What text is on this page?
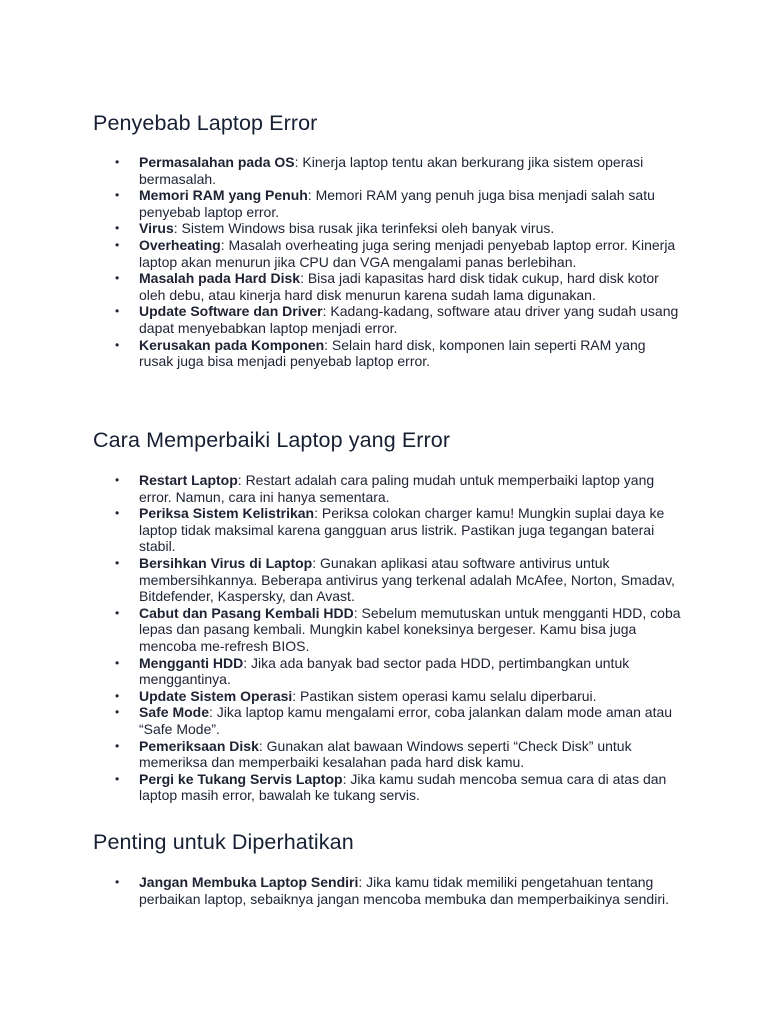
Penyebab Laptop Error
•	Permasalahan pada OS: Kinerja laptop tentu akan berkurang jika sistem operasi bermasalah.
•	Memori RAM yang Penuh: Memori RAM yang penuh juga bisa menjadi salah satu penyebab laptop error.
•	Virus: Sistem Windows bisa rusak jika terinfeksi oleh banyak virus.
•	Overheating: Masalah overheating juga sering menjadi penyebab laptop error. Kinerja laptop akan menurun jika CPU dan VGA mengalami panas berlebihan.
•	Masalah pada Hard Disk: Bisa jadi kapasitas hard disk tidak cukup, hard disk kotor oleh debu, atau kinerja hard disk menurun karena sudah lama digunakan.
•	Update Software dan Driver: Kadang-kadang, software atau driver yang sudah usang dapat menyebabkan laptop menjadi error.
•	Kerusakan pada Komponen: Selain hard disk, komponen lain seperti RAM yang rusak juga bisa menjadi penyebab laptop error.
Cara Memperbaiki Laptop yang Error
•	Restart Laptop: Restart adalah cara paling mudah untuk memperbaiki laptop yang error. Namun, cara ini hanya sementara.
•	Periksa Sistem Kelistrikan: Periksa colokan charger kamu! Mungkin suplai daya ke laptop tidak maksimal karena gangguan arus listrik. Pastikan juga tegangan baterai stabil.
•	Bersihkan Virus di Laptop: Gunakan aplikasi atau software antivirus untuk membersihkannya. Beberapa antivirus yang terkenal adalah McAfee, Norton, Smadav, Bitdefender, Kaspersky, dan Avast.
•	Cabut dan Pasang Kembali HDD: Sebelum memutuskan untuk mengganti HDD, coba lepas dan pasang kembali. Mungkin kabel koneksinya bergeser. Kamu bisa juga mencoba me-refresh BIOS.
•	Mengganti HDD: Jika ada banyak bad sector pada HDD, pertimbangkan untuk menggantinya.
•	Update Sistem Operasi: Pastikan sistem operasi kamu selalu diperbarui.
•	Safe Mode: Jika laptop kamu mengalami error, coba jalankan dalam mode aman atau “Safe Mode”.
•	Pemeriksaan Disk: Gunakan alat bawaan Windows seperti “Check Disk” untuk memeriksa dan memperbaiki kesalahan pada hard disk kamu.
•	Pergi ke Tukang Servis Laptop: Jika kamu sudah mencoba semua cara di atas dan laptop masih error, bawalah ke tukang servis.
Penting untuk Diperhatikan
•	Jangan Membuka Laptop Sendiri: Jika kamu tidak memiliki pengetahuan tentang perbaikan laptop, sebaiknya jangan mencoba membuka dan memperbaikinya sendiri.
